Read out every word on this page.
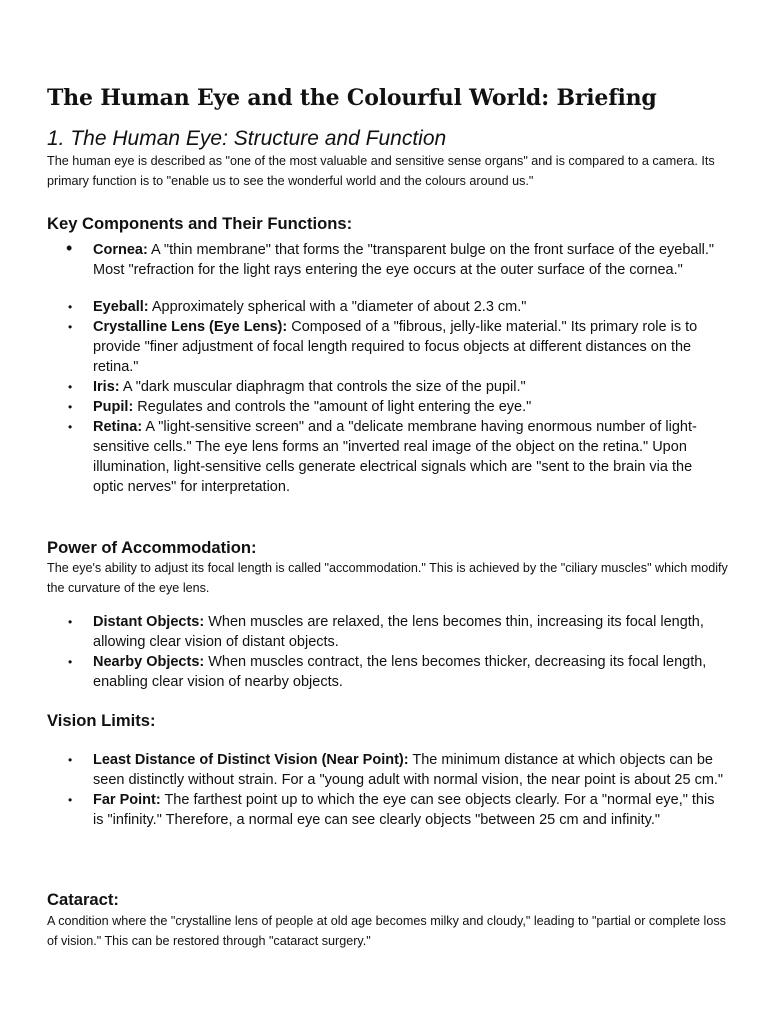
The Human Eye and the Colourful World: Briefing
1. The Human Eye: Structure and Function

The human eye is described as "one of the most valuable and sensitive sense organs" and is compared to a camera. Its primary function is to "enable us to see the wonderful world and the colours around us."

Key Components and Their Functions:
•	Cornea: A "thin membrane" that forms the "transparent bulge on the front surface of the eyeball." Most "refraction for the light rays entering the eye occurs at the outer surface of the cornea."
•	Eyeball: Approximately spherical with a "diameter of about 2.3 cm."
•	Crystalline Lens (Eye Lens): Composed of a "fibrous, jelly-like material." Its primary role is to provide "finer adjustment of focal length required to focus objects at different distances on the retina."
•	Iris: A "dark muscular diaphragm that controls the size of the pupil."
•	Pupil: Regulates and controls the "amount of light entering the eye."
•	Retina: A "light-sensitive screen" and a "delicate membrane having enormous number of light-sensitive cells." The eye lens forms an "inverted real image of the object on the retina." Upon illumination, light-sensitive cells generate electrical signals which are "sent to the brain via the optic nerves" for interpretation.
Power of Accommodation:

The eye's ability to adjust its focal length is called "accommodation." This is achieved by the "ciliary muscles" which modify the curvature of the eye lens.

•	Distant Objects: When muscles are relaxed, the lens becomes thin, increasing its focal length, allowing clear vision of distant objects.
•	Nearby Objects: When muscles contract, the lens becomes thicker, decreasing its focal length, enabling clear vision of nearby objects.
Vision Limits:
•	Least Distance of Distinct Vision (Near Point): The minimum distance at which objects can be seen distinctly without strain. For a "young adult with normal vision, the near point is about 25 cm."
•	Far Point: The farthest point up to which the eye can see objects clearly. For a "normal eye," this is "infinity." Therefore, a normal eye can see clearly objects "between 25 cm and infinity."
Cataract:

A condition where the "crystalline lens of people at old age becomes milky and cloudy," leading to "partial or complete loss of vision." This can be restored through "cataract surgery."
